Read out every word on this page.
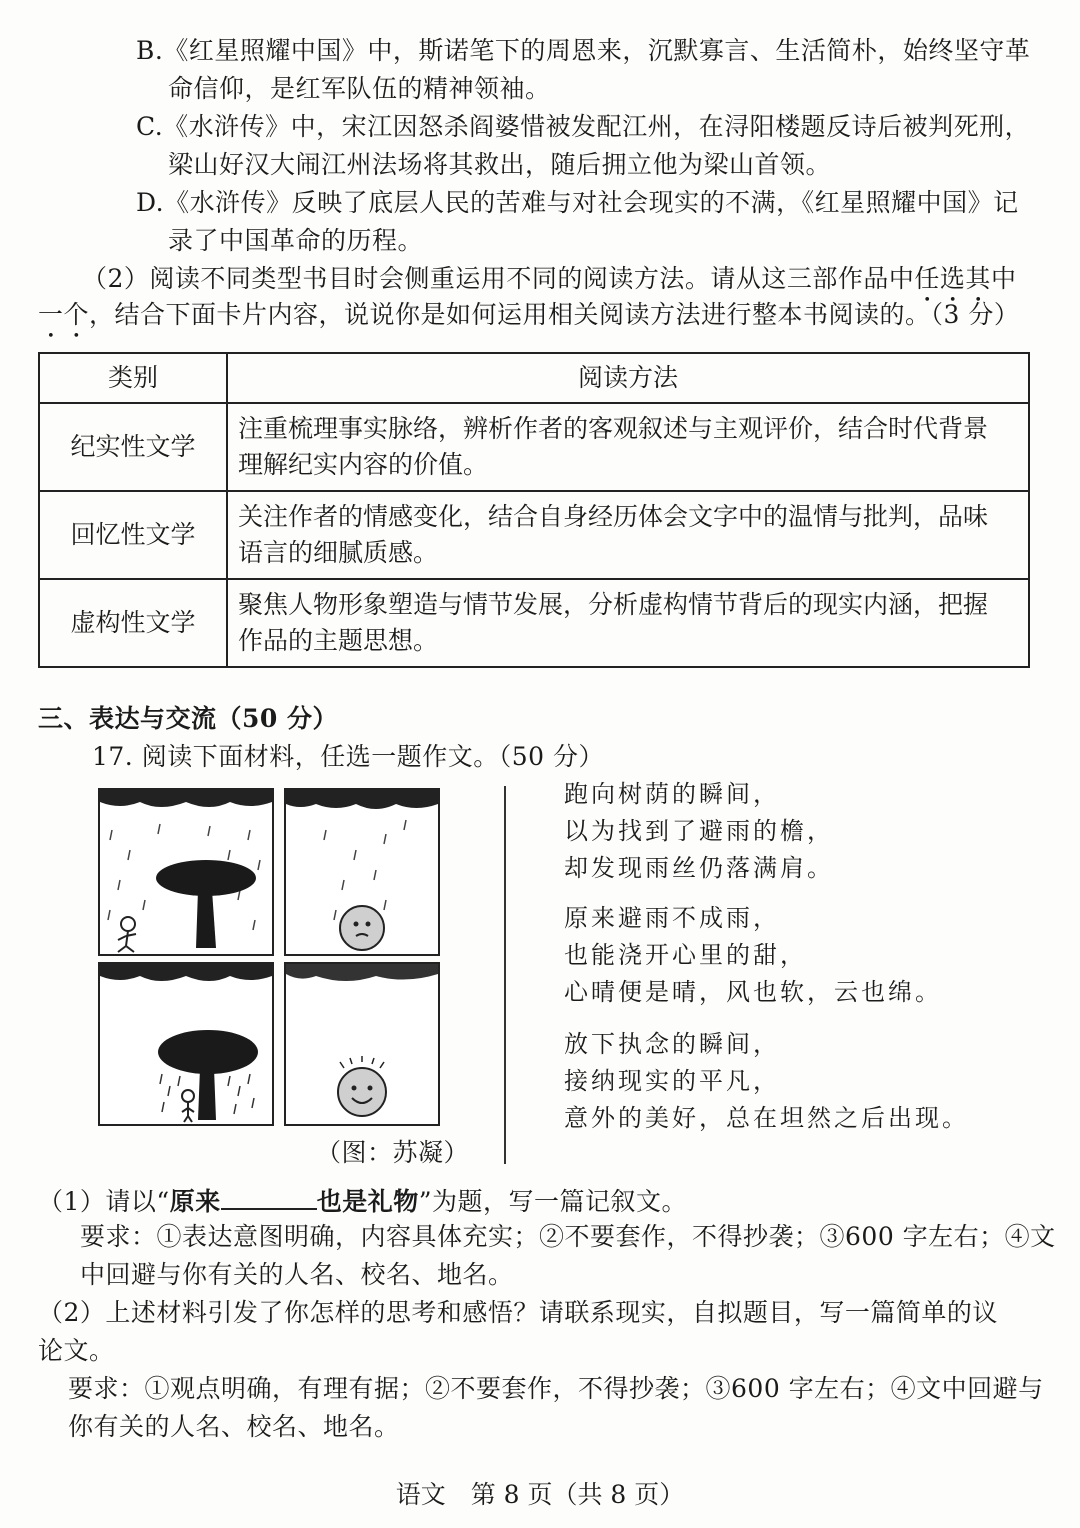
B.《红星照耀中国》中，斯诺笔下的周恩来，沉默寡言、生活简朴，始终坚守革
命信仰，是红军队伍的精神领袖。
C.《水浒传》中，宋江因怒杀阎婆惜被发配江州，在浔阳楼题反诗后被判死刑，
梁山好汉大闹江州法场将其救出，随后拥立他为梁山首领。
D.《水浒传》反映了底层人民的苦难与对社会现实的不满，《红星照耀中国》记
录了中国革命的历程。
（2）阅读不同类型书目时会侧重运用不同的阅读方法。请从这三部作品中任选其中
一个，结合下面卡片内容，说说你是如何运用相关阅读方法进行整本书阅读的。（3 分）
类别	阅读方法
纪实性文学	注重梳理事实脉络，辨析作者的客观叙述与主观评价，结合时代背景
理解纪实内容的价值。
回忆性文学	关注作者的情感变化，结合自身经历体会文字中的温情与批判，品味
语言的细腻质感。
虚构性文学	聚焦人物形象塑造与情节发展，分析虚构情节背后的现实内涵，把握
作品的主题思想。
三、表达与交流（50 分）
17. 阅读下面材料，任选一题作文。（50 分）
（图：苏凝）
跑向树荫的瞬间，
以为找到了避雨的檐，
却发现雨丝仍落满肩。
原来避雨不成雨，
也能浇开心里的甜，
心晴便是晴，风也软，云也绵。
放下执念的瞬间，
接纳现实的平凡，
意外的美好，总在坦然之后出现。
（1）请以“原来	也是礼物”为题，写一篇记叙文。
要求：①表达意图明确，内容具体充实；②不要套作，不得抄袭；③600 字左右；④文
中回避与你有关的人名、校名、地名。
（2）上述材料引发了你怎样的思考和感悟？请联系现实，自拟题目，写一篇简单的议
论文。
要求：①观点明确，有理有据；②不要套作，不得抄袭；③600 字左右；④文中回避与
你有关的人名、校名、地名。
语文　第 8 页（共 8 页）
